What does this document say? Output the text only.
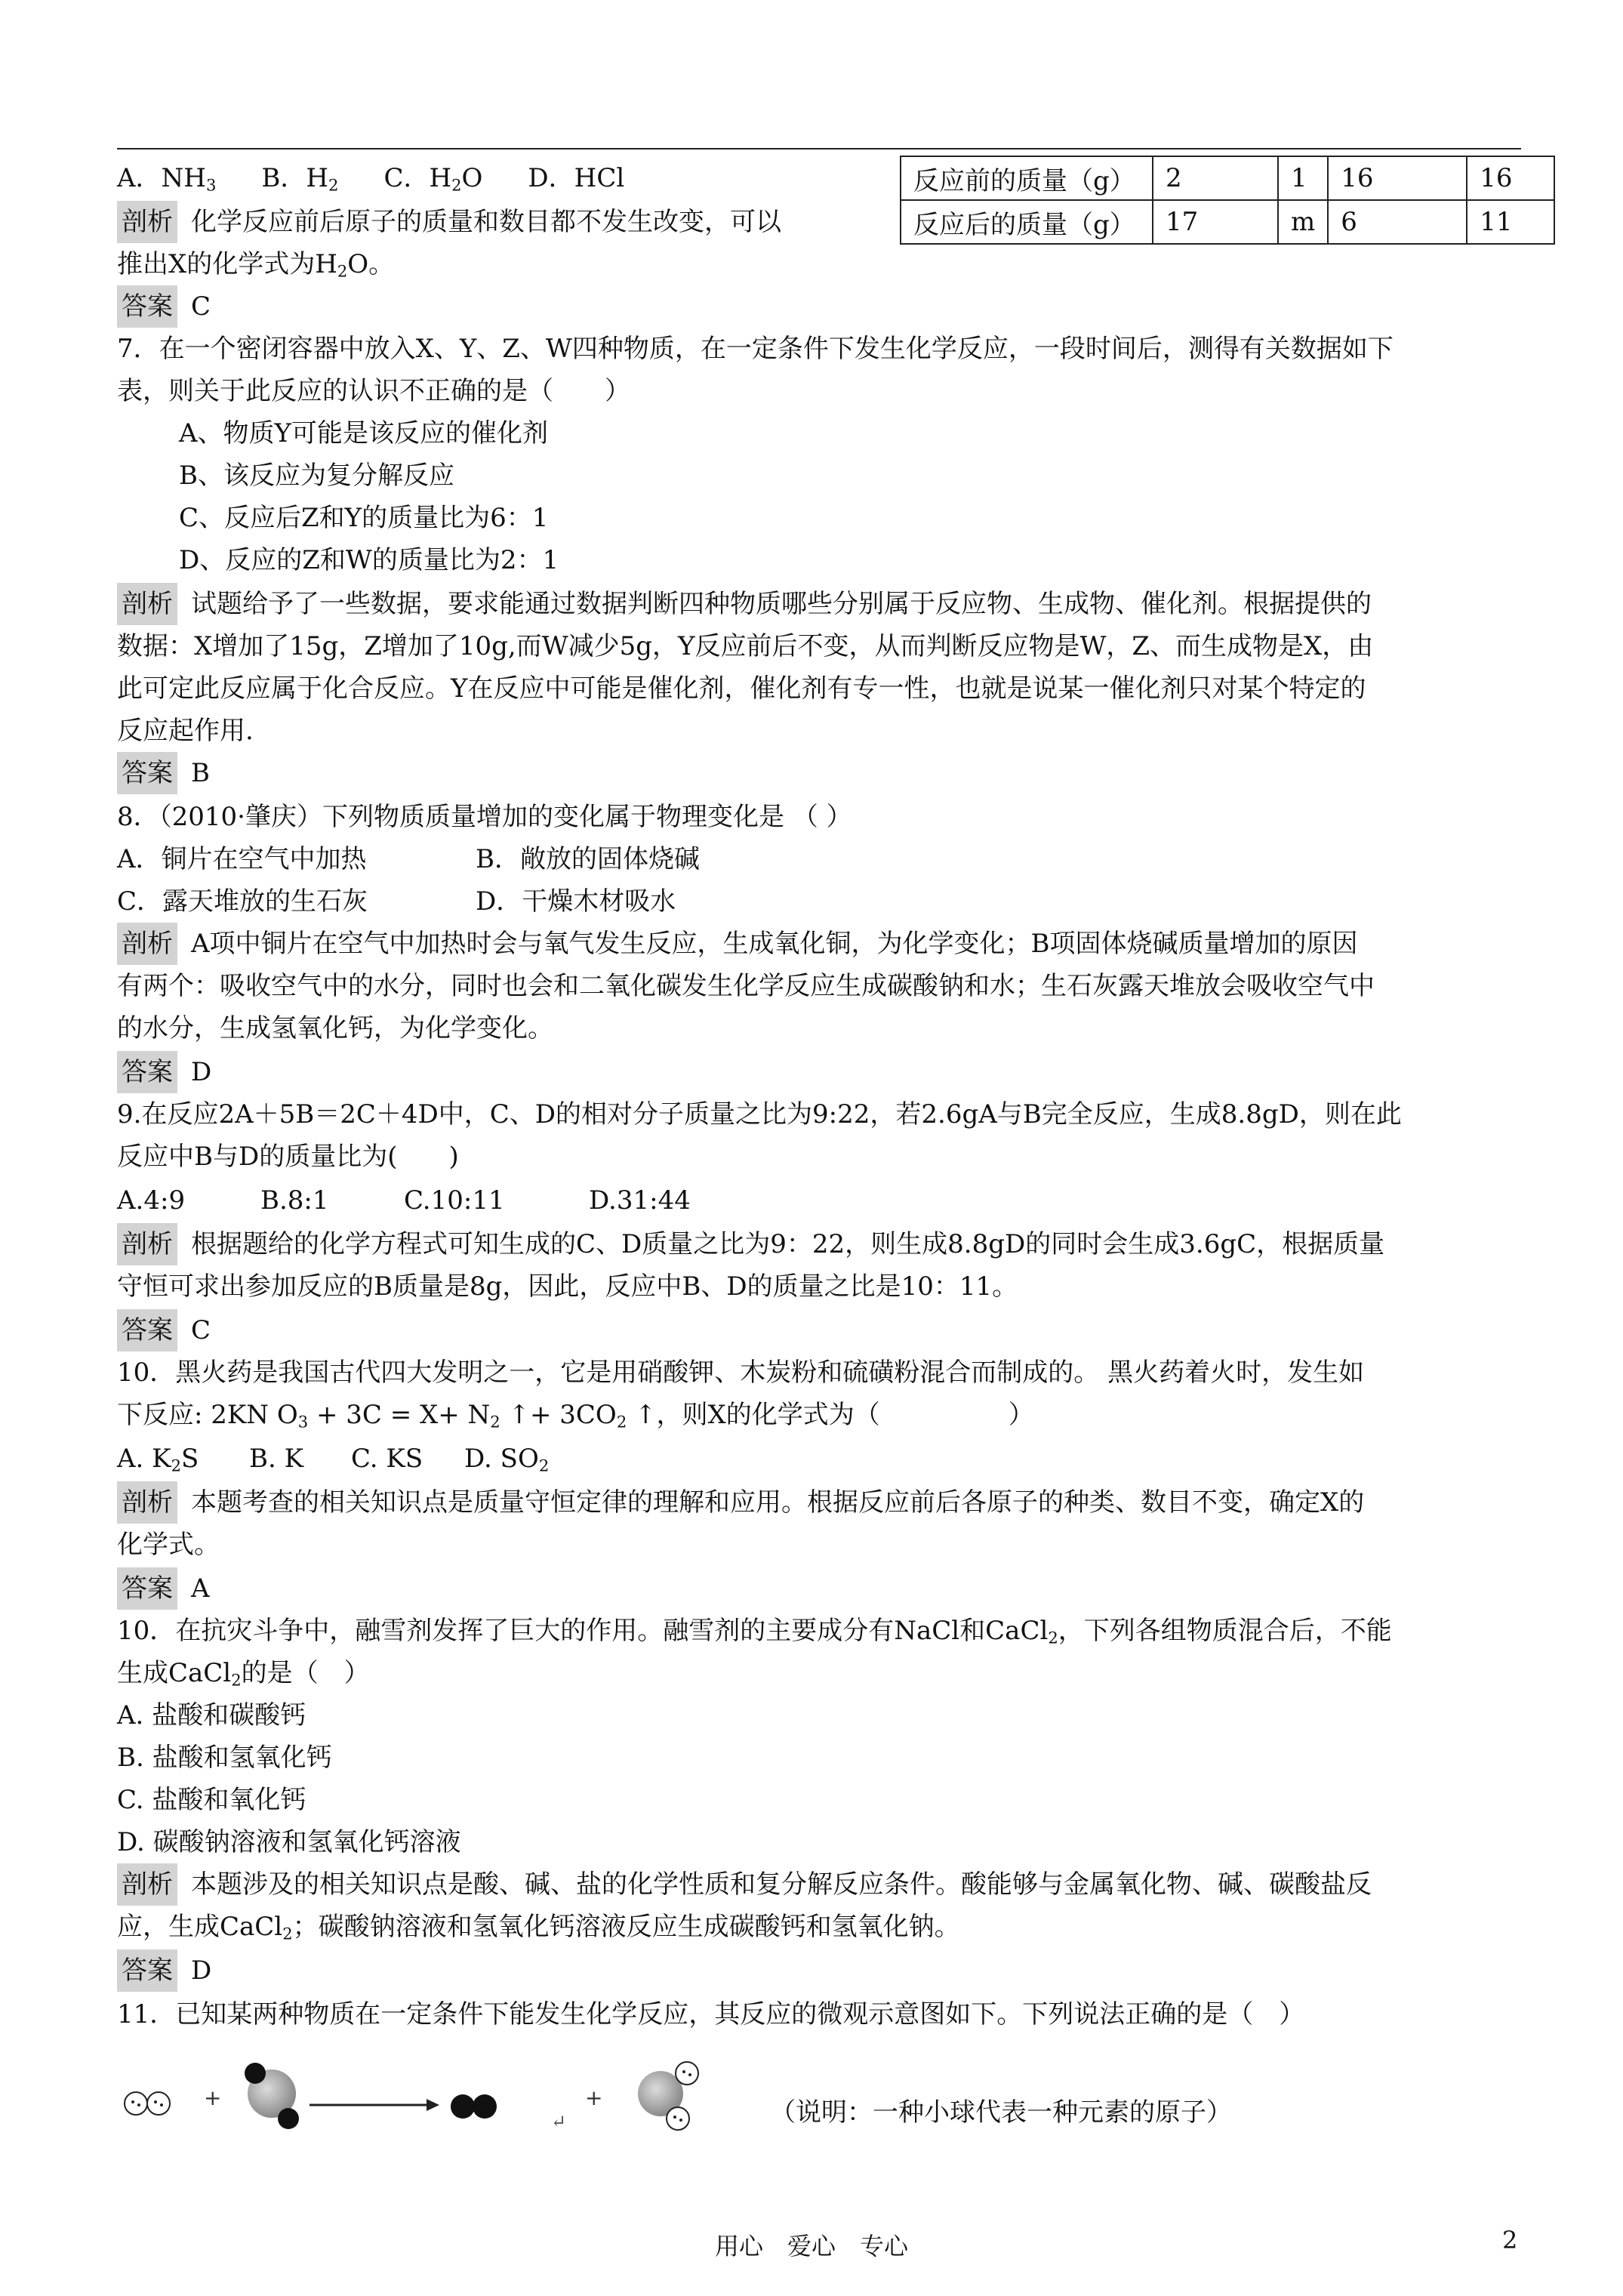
反应前的质量（g）	2	1	16	16
反应后的质量（g）	17	m	6	11
A．$NH_3$ B．$H_2$ C．$H_2O$ D．HCl
剖析 化学反应前后原子的质量和数目都不发生改变，可以
推出X的化学式为$H_2O$。
答案 C
7．在一个密闭容器中放入X、Y、Z、W四种物质，在一定条件下发生化学反应，一段时间后，测得有关数据如下
表，则关于此反应的认识不正确的是（　　）
A、物质Y可能是该反应的催化剂
B、该反应为复分解反应
C、反应后Z和Y的质量比为6：1
D、反应的Z和W的质量比为2：1
剖析 试题给予了一些数据，要求能通过数据判断四种物质哪些分别属于反应物、生成物、催化剂。根据提供的
数据：X增加了15g，Z增加了10g,而W减少5g，Y反应前后不变，从而判断反应物是W，Z、而生成物是X，由
此可定此反应属于化合反应。Y在反应中可能是催化剂，催化剂有专一性，也就是说某一催化剂只对某个特定的
反应起作用.
答案 B
8．（2010·肇庆）下列物质质量增加的变化属于物理变化是 （ ）
A．铜片在空气中加热	B．敞放的固体烧碱
C．露天堆放的生石灰	D．干燥木材吸水
剖析 A项中铜片在空气中加热时会与氧气发生反应，生成氧化铜，为化学变化；B项固体烧碱质量增加的原因
有两个：吸收空气中的水分，同时也会和二氧化碳发生化学反应生成碳酸钠和水；生石灰露天堆放会吸收空气中
的水分，生成氢氧化钙，为化学变化。
答案 D
9.在反应2A＋5B＝2C＋4D中，C、D的相对分子质量之比为9:22，若2.6gA与B完全反应，生成8.8gD，则在此
反应中B与D的质量比为(　　)
A.4:9	B.8:1	C.10:11	D.31:44
剖析 根据题给的化学方程式可知生成的C、D质量之比为9：22，则生成8.8gD的同时会生成3.6gC，根据质量
守恒可求出参加反应的B质量是8g，因此，反应中B、D的质量之比是10：11。
答案 C
10．黑火药是我国古代四大发明之一，它是用硝酸钾、木炭粉和硫磺粉混合而制成的。 黑火药着火时，发生如
下反应: 2KN $O_3 + 3C = X+ N_2$ ↑+ $3CO_2$ ↑，则X的化学式为（　　　　　）
A. $K_2S$ B. K C. KS D. $SO_2$
剖析 本题考查的相关知识点是质量守恒定律的理解和应用。根据反应前后各原子的种类、数目不变，确定X的
化学式。
答案 A
10．在抗灾斗争中，融雪剂发挥了巨大的作用。融雪剂的主要成分有NaCl和CaCl$_2$，下列各组物质混合后，不能
生成CaCl$_2$的是（　）
A. 盐酸和碳酸钙
B. 盐酸和氢氧化钙
C. 盐酸和氧化钙
D. 碳酸钠溶液和氢氧化钙溶液
剖析 本题涉及的相关知识点是酸、碱、盐的化学性质和复分解反应条件。酸能够与金属氧化物、碱、碳酸盐反
应，生成CaCl$_2$；碳酸钠溶液和氢氧化钙溶液反应生成碳酸钙和氢氧化钠。
答案 D
11．已知某两种物质在一定条件下能发生化学反应，其反应的微观示意图如下。下列说法正确的是（　）
+
↵
+	（说明：一种小球代表一种元素的原子）
用心　爱心　专心	2
